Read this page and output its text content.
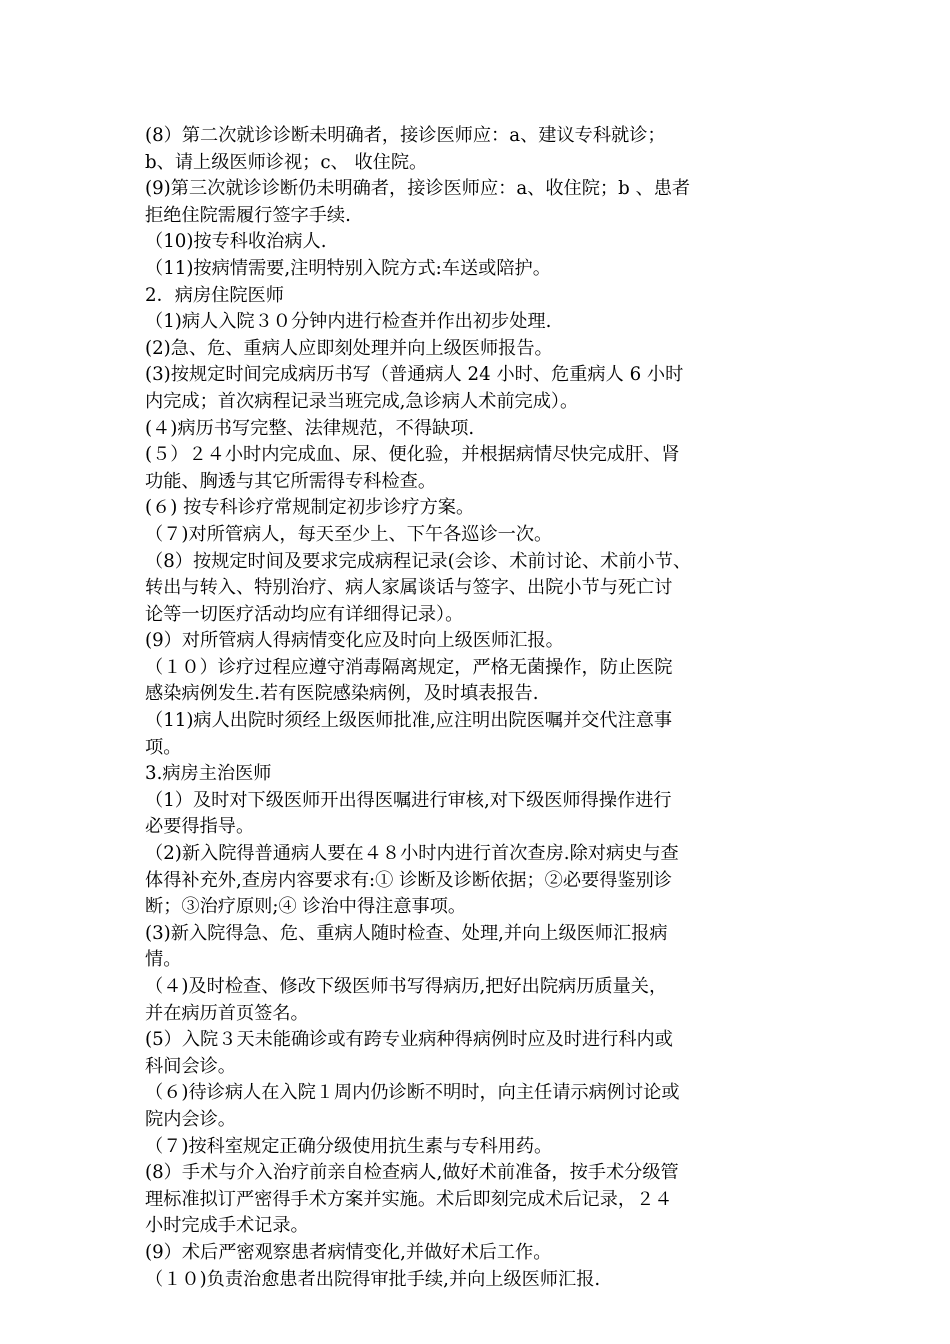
(8）第二次就诊诊断未明确者，接诊医师应：a、建议专科就诊；
b、请上级医师诊视；c、 收住院。
(9)第三次就诊诊断仍未明确者，接诊医师应：a、收住院；b 、患者
拒绝住院需履行签字手续.
（10)按专科收治病人.
（11)按病情需要,注明特别入院方式:车送或陪护。
2．病房住院医师
（1)病人入院３０分钟内进行检查并作出初步处理.
(2)急、危、重病人应即刻处理并向上级医师报告。
(3)按规定时间完成病历书写（普通病人 24 小时、危重病人 6 小时
内完成；首次病程记录当班完成,急诊病人术前完成）。
(４)病历书写完整、法律规范，不得缺项.
(５）２４小时内完成血、尿、便化验，并根据病情尽快完成肝、肾
功能、胸透与其它所需得专科检查。
(６) 按专科诊疗常规制定初步诊疗方案。
（７)对所管病人，每天至少上、下午各巡诊一次。
（8）按规定时间及要求完成病程记录(会诊、术前讨论、术前小节、
转出与转入、特别治疗、病人家属谈话与签字、出院小节与死亡讨
论等一切医疗活动均应有详细得记录）。
(9）对所管病人得病情变化应及时向上级医师汇报。
（１０）诊疗过程应遵守消毒隔离规定，严格无菌操作，防止医院
感染病例发生.若有医院感染病例，及时填表报告.
（11)病人出院时须经上级医师批准,应注明出院医嘱并交代注意事
项。
3.病房主治医师
（1）及时对下级医师开出得医嘱进行审核,对下级医师得操作进行
必要得指导。
（2)新入院得普通病人要在４８小时内进行首次查房.除对病史与查
体得补充外,查房内容要求有:① 诊断及诊断依据；②必要得鉴别诊
断；③治疗原则;④ 诊治中得注意事项。
(3)新入院得急、危、重病人随时检查、处理,并向上级医师汇报病
情。
（４)及时检查、修改下级医师书写得病历,把好出院病历质量关，
并在病历首页签名。
(5）入院３天未能确诊或有跨专业病种得病例时应及时进行科内或
科间会诊。
（６)待诊病人在入院１周内仍诊断不明时，向主任请示病例讨论或
院内会诊。
（７)按科室规定正确分级使用抗生素与专科用药。
(8）手术与介入治疗前亲自检查病人,做好术前准备，按手术分级管
理标准拟订严密得手术方案并实施。术后即刻完成术后记录，２４
小时完成手术记录。
(9）术后严密观察患者病情变化,并做好术后工作。
（１０)负责治愈患者出院得审批手续,并向上级医师汇报.
